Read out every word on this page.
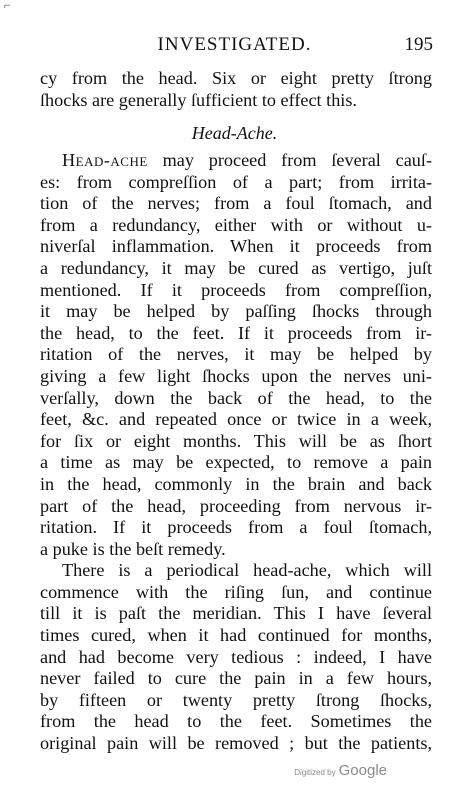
⌐
INVESTIGATED.	195
cy from the head. Six or eight pretty ſtrong
ſhocks are generally ſufficient to effect this.
Head-Ache.
Head-ache may proceed from ſeveral cauſ-
es: from compreſſion of a part; from irrita-
tion of the nerves; from a foul ſtomach, and
from a redundancy, either with or without u-
niverſal inflammation. When it proceeds from
a redundancy, it may be cured as vertigo, juſt
mentioned. If it proceeds from compreſſion,
it may be helped by paſſing ſhocks through
the head, to the feet. If it proceeds from ir-
ritation of the nerves, it may be helped by
giving a few light ſhocks upon the nerves uni-
verſally, down the back of the head, to the
feet, &c. and repeated once or twice in a week,
for ſix or eight months. This will be as ſhort
a time as may be expected, to remove a pain
in the head, commonly in the brain and back
part of the head, proceeding from nervous ir-
ritation. If it proceeds from a foul ſtomach,
a puke is the beſt remedy.
There is a periodical head-ache, which will
commence with the riſing ſun, and continue
till it is paſt the meridian. This I have ſeveral
times cured, when it had continued for months,
and had become very tedious : indeed, I have
never failed to cure the pain in a few hours,
by fifteen or twenty pretty ſtrong ſhocks,
from the head to the feet. Sometimes the
original pain will be removed ; but the patients,
Digitized by Google
